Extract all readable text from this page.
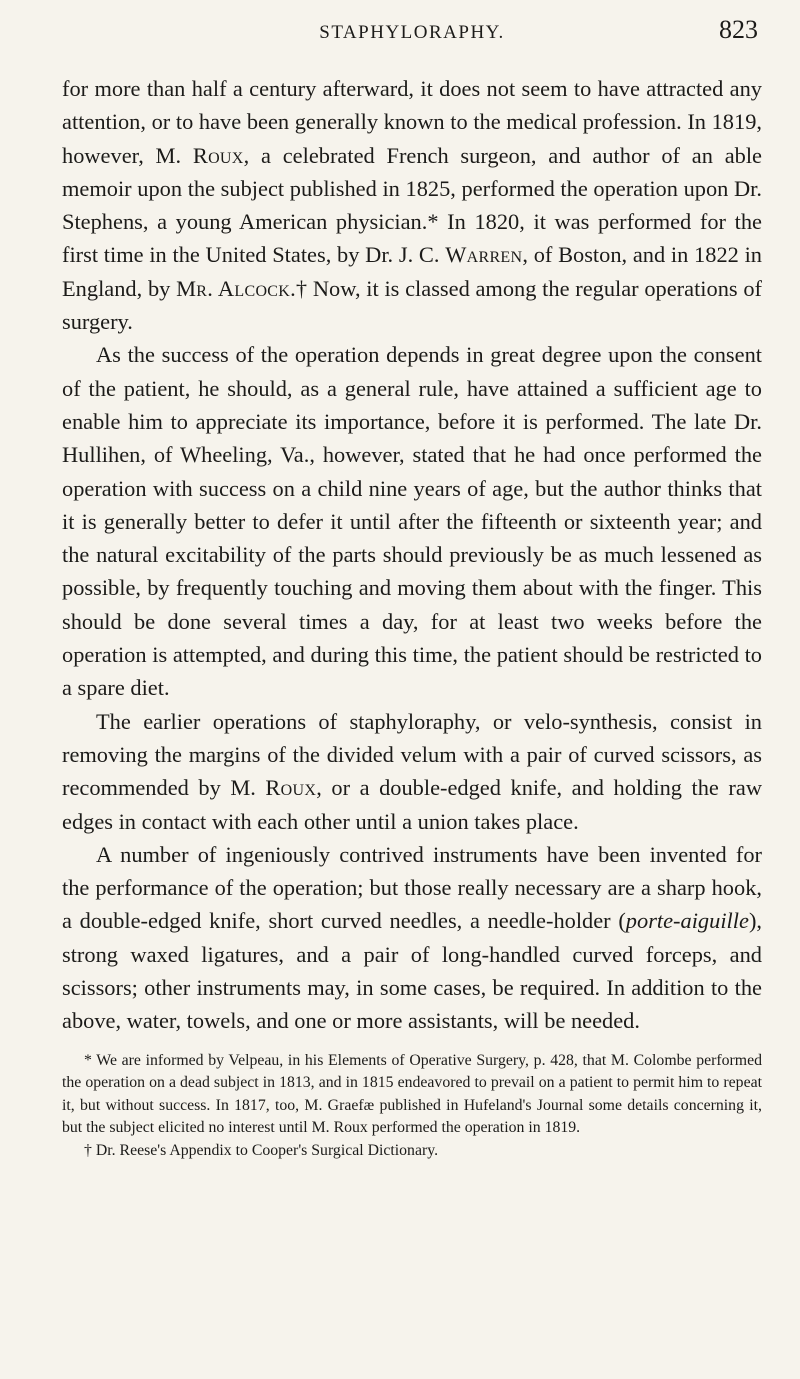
STAPHYLORAPHY.	823

for more than half a century afterward, it does not seem to have attracted any attention, or to have been generally known to the medical profession. In 1819, however, M. Roux, a celebrated French surgeon, and author of an able memoir upon the subject published in 1825, performed the operation upon Dr. Stephens, a young American physician.* In 1820, it was performed for the first time in the United States, by Dr. J. C. Warren, of Boston, and in 1822 in England, by Mr. Alcock.† Now, it is classed among the regular operations of surgery.

As the success of the operation depends in great degree upon the consent of the patient, he should, as a general rule, have attained a sufficient age to enable him to appreciate its importance, before it is performed. The late Dr. Hullihen, of Wheeling, Va., however, stated that he had once performed the operation with success on a child nine years of age, but the author thinks that it is generally better to defer it until after the fifteenth or sixteenth year; and the natural excitability of the parts should previously be as much lessened as possible, by frequently touching and moving them about with the finger. This should be done several times a day, for at least two weeks before the operation is attempted, and during this time, the patient should be restricted to a spare diet.

The earlier operations of staphyloraphy, or velo-synthesis, consist in removing the margins of the divided velum with a pair of curved scissors, as recommended by M. Roux, or a double-edged knife, and holding the raw edges in contact with each other until a union takes place.

A number of ingeniously contrived instruments have been invented for the performance of the operation; but those really necessary are a sharp hook, a double-edged knife, short curved needles, a needle-holder (porte-aiguille), strong waxed ligatures, and a pair of long-handled curved forceps, and scissors; other instruments may, in some cases, be required. In addition to the above, water, towels, and one or more assistants, will be needed.

* We are informed by Velpeau, in his Elements of Operative Surgery, p. 428, that M. Colombe performed the operation on a dead subject in 1813, and in 1815 endeavored to prevail on a patient to permit him to repeat it, but without success. In 1817, too, M. Graefæ published in Hufeland's Journal some details concerning it, but the subject elicited no interest until M. Roux performed the operation in 1819.

† Dr. Reese's Appendix to Cooper's Surgical Dictionary.
